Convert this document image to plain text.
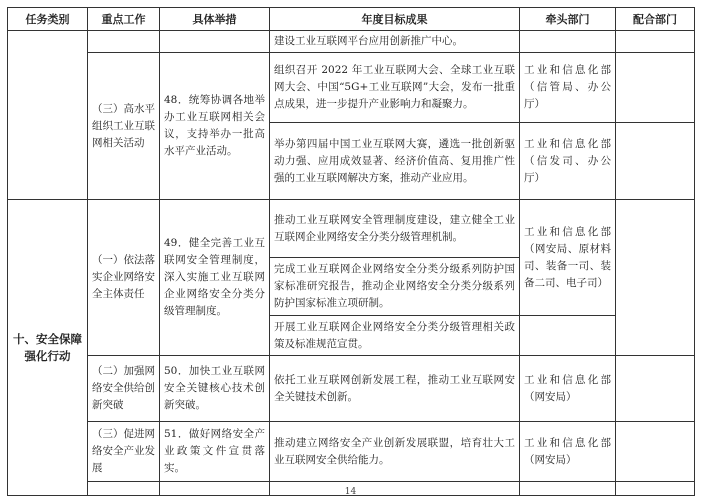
任务类别	重点工作	具体举措	年度目标成果	牵头部门	配合部门
			建设工业互联网平台应用创新推广中心。		
	（三）高水平组织工业互联网相关活动	48．统筹协调各地举办工业互联网相关会议，支持举办一批高水平产业活动。	组织召开 2022 年工业互联网大会、全球工业互联网大会、中国“5G+工业互联网”大会，发布一批重点成果，进一步提升产业影响力和凝聚力。	工业和信息化部（信管局、办公厅）	
			举办第四届中国工业互联网大赛，遴选一批创新驱动力强、应用成效显著、经济价值高、复用推广性强的工业互联网解决方案，推动产业应用。	工业和信息化部（信发司、办公厅）	
十、安全保障强化行动	（一）依法落实企业网络安全主体责任	49．健全完善工业互联网安全管理制度，深入实施工业互联网企业网络安全分类分级管理制度。	推动工业互联网安全管理制度建设，建立健全工业互联网企业网络安全分类分级管理机制。	工业和信息化部（网安局、原材料司、装备一司、装备二司、电子司）	
			完成工业互联网企业网络安全分类分级系列防护国家标准研究报告，推动企业网络安全分类分级系列防护国家标准立项研制。		
			开展工业互联网企业网络安全分类分级管理相关政策及标准规范宣贯。		
	（二）加强网络安全供给创新突破	50．加快工业互联网安全关键核心技术创新突破。	依托工业互联网创新发展工程，推动工业互联网安全关键技术创新。	工业和信息化部（网安局）	
	（三）促进网络安全产业发展	51．做好网络安全产业政策文件宣贯落实。	推动建立网络安全产业创新发展联盟，培育壮大工业互联网安全供给能力。	工业和信息化部（网安局）	

14
